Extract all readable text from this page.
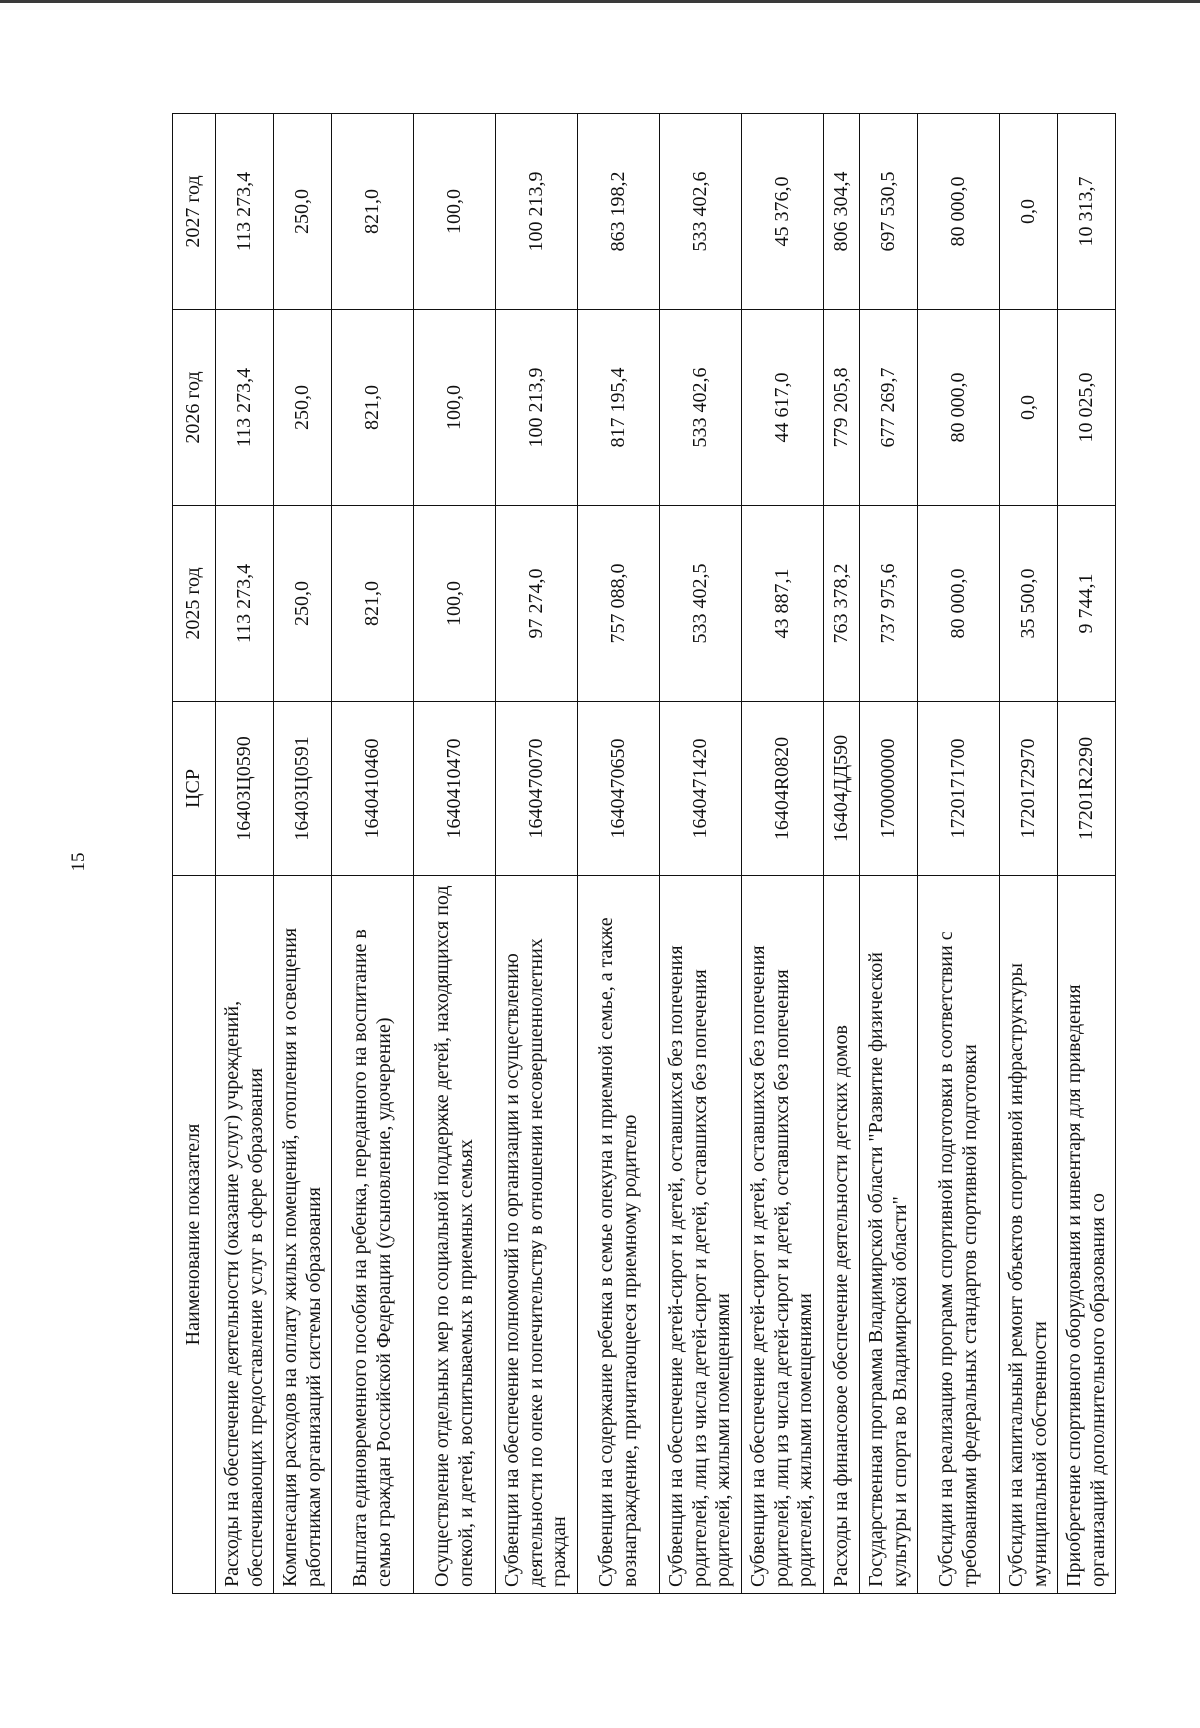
15
Наименование показателя	ЦСР	2025 год	2026 год	2027 год
Расходы на обеспечение деятельности (оказание услуг) учреждений, обеспечивающих предоставление услуг в сфере образования	16403Ц0590	113 273,4	113 273,4	113 273,4
Компенсация расходов на оплату жилых помещений, отопления и освещения работникам организаций системы образования	16403Ц0591	250,0	250,0	250,0
Выплата единовременного пособия на ребенка, переданного на воспитание в семью граждан Российской Федерации (усыновление, удочерение)	1640410460	821,0	821,0	821,0
Осуществление отдельных мер по социальной поддержке детей, находящихся под опекой, и детей, воспитываемых в приемных семьях	1640410470	100,0	100,0	100,0
Субвенции на обеспечение полномочий по организации и осуществлению деятельности по опеке и попечительству в отношении несовершеннолетних граждан	1640470070	97 274,0	100 213,9	100 213,9
Субвенции на содержание ребенка в семье опекуна и приемной семье, а также вознаграждение, причитающееся приемному родителю	1640470650	757 088,0	817 195,4	863 198,2
Субвенции на обеспечение детей-сирот и детей, оставшихся без попечения родителей, лиц из числа детей-сирот и детей, оставшихся без попечения родителей, жилыми помещениями	1640471420	533 402,5	533 402,6	533 402,6
Субвенции на обеспечение детей-сирот и детей, оставшихся без попечения родителей, лиц из числа детей-сирот и детей, оставшихся без попечения родителей, жилыми помещениями	16404R0820	43 887,1	44 617,0	45 376,0
Расходы на финансовое обеспечение деятельности детских домов	16404ДД590	763 378,2	779 205,8	806 304,4
Государственная программа Владимирской области "Развитие физической культуры и спорта во Владимирской области"	1700000000	737 975,6	677 269,7	697 530,5
Субсидии на реализацию программ спортивной подготовки в соответствии с требованиями федеральных стандартов спортивной подготовки	1720171700	80 000,0	80 000,0	80 000,0
Субсидии на капитальный ремонт объектов спортивной инфраструктуры муниципальной собственности	1720172970	35 500,0	0,0	0,0
Приобретение спортивного оборудования и инвентаря для приведения организаций дополнительного образования со	17201R2290	9 744,1	10 025,0	10 313,7
